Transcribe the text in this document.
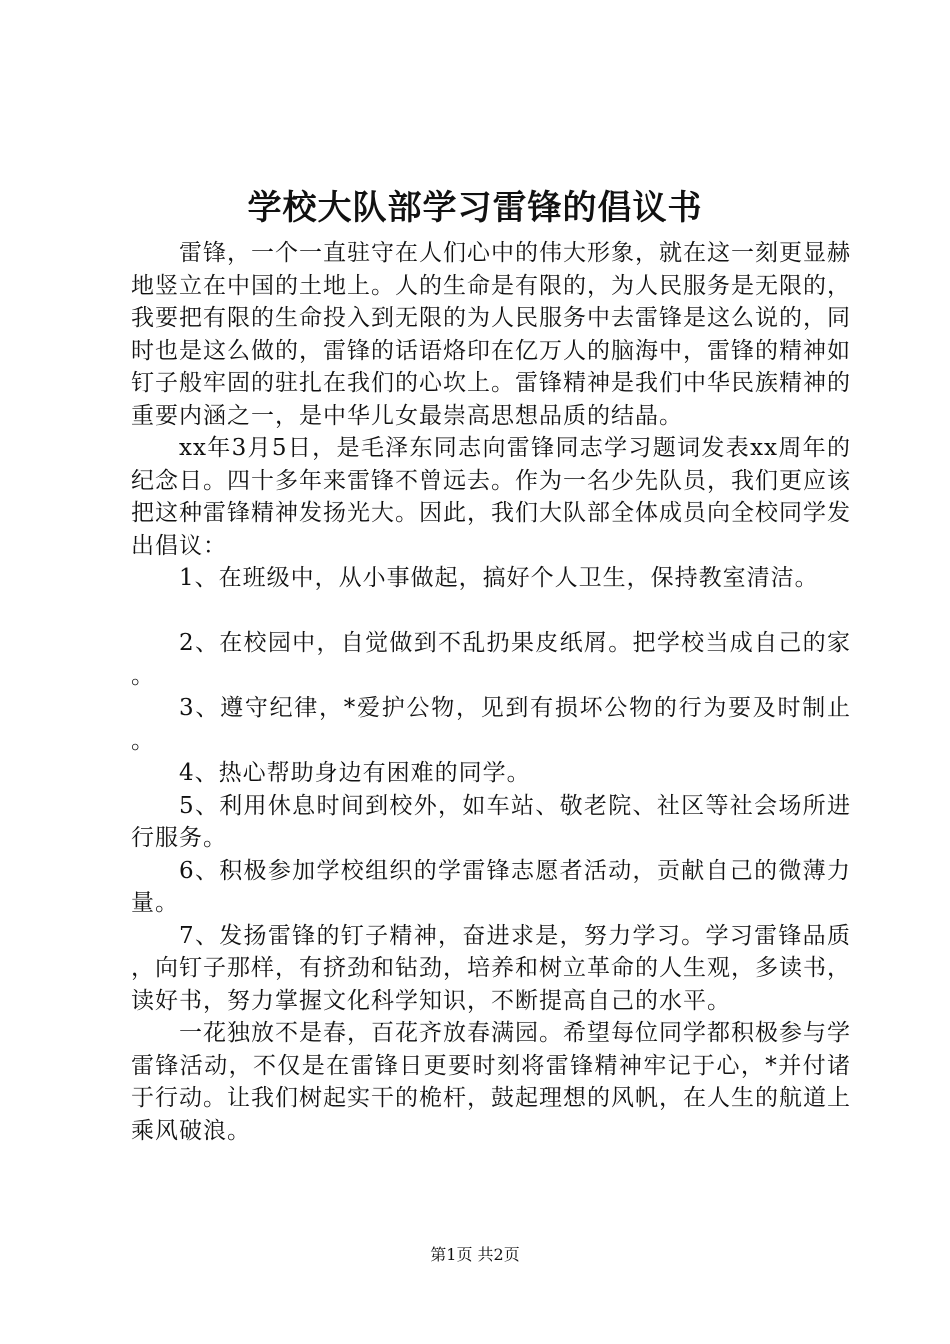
学校大队部学习雷锋的倡议书

雷锋，一个一直驻守在人们心中的伟大形象，就在这一刻更显赫地竖立在中国的土地上。人的生命是有限的，为人民服务是无限的，我要把有限的生命投入到无限的为人民服务中去雷锋是这么说的，同时也是这么做的，雷锋的话语烙印在亿万人的脑海中，雷锋的精神如钉子般牢固的驻扎在我们的心坎上。雷锋精神是我们中华民族精神的重要内涵之一，是中华儿女最崇高思想品质的结晶。

xx年3月5日，是毛泽东同志向雷锋同志学习题词发表xx周年的纪念日。四十多年来雷锋不曾远去。作为一名少先队员，我们更应该把这种雷锋精神发扬光大。因此，我们大队部全体成员向全校同学发出倡议：

1、在班级中，从小事做起，搞好个人卫生，保持教室清洁。

2、在校园中，自觉做到不乱扔果皮纸屑。把学校当成自己的家。

3、遵守纪律，*爱护公物，见到有损坏公物的行为要及时制止。

4、热心帮助身边有困难的同学。

5、利用休息时间到校外，如车站、敬老院、社区等社会场所进行服务。

6、积极参加学校组织的学雷锋志愿者活动，贡献自己的微薄力量。

7、发扬雷锋的钉子精神，奋进求是，努力学习。学习雷锋品质，向钉子那样，有挤劲和钻劲，培养和树立革命的人生观，多读书，读好书，努力掌握文化科学知识，不断提高自己的水平。

一花独放不是春，百花齐放春满园。希望每位同学都积极参与学雷锋活动，不仅是在雷锋日更要时刻将雷锋精神牢记于心，*并付诸于行动。让我们树起实干的桅杆，鼓起理想的风帆，在人生的航道上乘风破浪。

第1页 共2页
